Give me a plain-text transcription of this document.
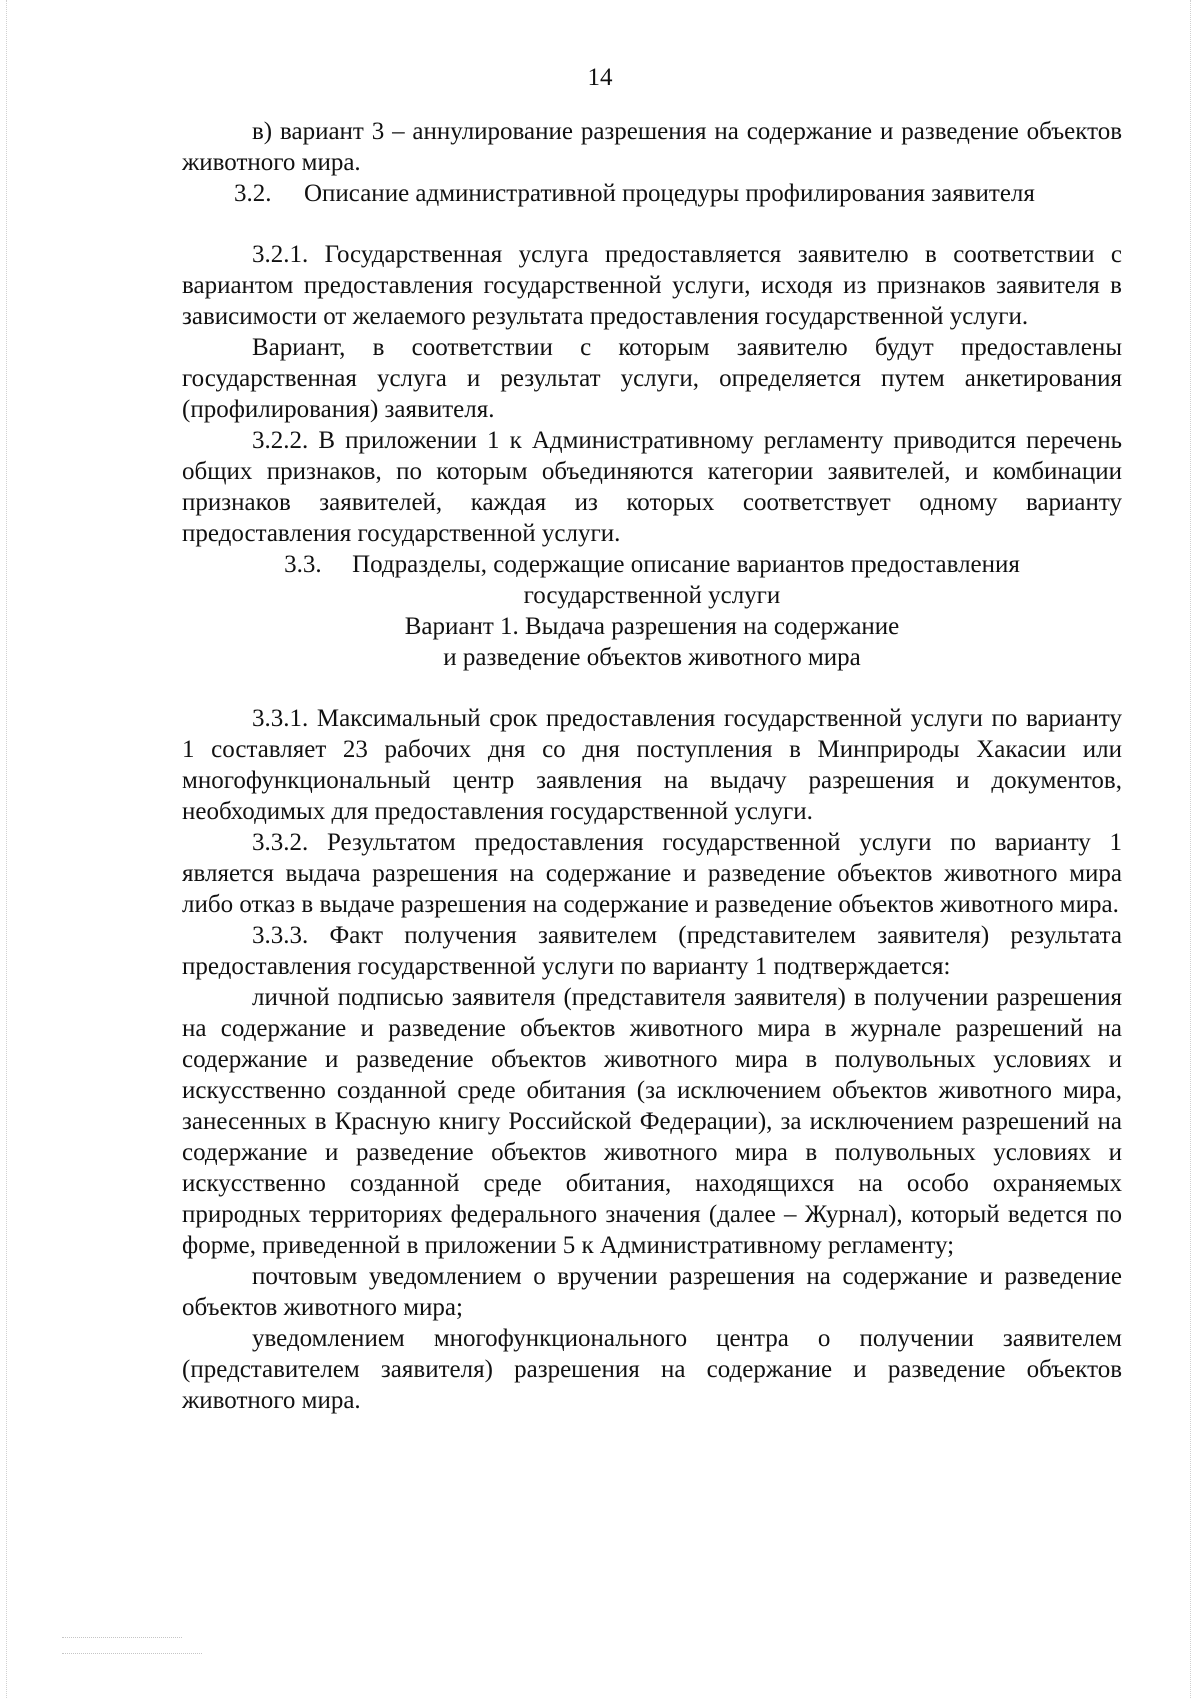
14

в) вариант 3 – аннулирование разрешения на содержание и разведение объектов животного мира.

3.2. Описание административной процедуры профилирования заявителя

3.2.1. Государственная услуга предоставляется заявителю в соответствии с вариантом предоставления государственной услуги, исходя из признаков заявителя в зависимости от желаемого результата предоставления государственной услуги.

Вариант, в соответствии с которым заявителю будут предоставлены государственная услуга и результат услуги, определяется путем анкетирования (профилирования) заявителя.

3.2.2. В приложении 1 к Административному регламенту приводится перечень общих признаков, по которым объединяются категории заявителей, и комбинации признаков заявителей, каждая из которых соответствует одному варианту предоставления государственной услуги.

3.3. Подразделы, содержащие описание вариантов предоставления
государственной услуги
Вариант 1. Выдача разрешения на содержание
и разведение объектов животного мира

3.3.1. Максимальный срок предоставления государственной услуги по варианту 1 составляет 23 рабочих дня со дня поступления в Минприроды Хакасии или многофункциональный центр заявления на выдачу разрешения и документов, необходимых для предоставления государственной услуги.

3.3.2. Результатом предоставления государственной услуги по варианту 1 является выдача разрешения на содержание и разведение объектов животного мира либо отказ в выдаче разрешения на содержание и разведение объектов животного мира.

3.3.3. Факт получения заявителем (представителем заявителя) результата предоставления государственной услуги по варианту 1 подтверждается:

личной подписью заявителя (представителя заявителя) в получении разрешения на содержание и разведение объектов животного мира в журнале разрешений на содержание и разведение объектов животного мира в полувольных условиях и искусственно созданной среде обитания (за исключением объектов животного мира, занесенных в Красную книгу Российской Федерации), за исключением разрешений на содержание и разведение объектов животного мира в полувольных условиях и искусственно созданной среде обитания, находящихся на особо охраняемых природных территориях федерального значения (далее – Журнал), который ведется по форме, приведенной в приложении 5 к Административному регламенту;

почтовым уведомлением о вручении разрешения на содержание и разведение объектов животного мира;

уведомлением многофункционального центра о получении заявителем (представителем заявителя) разрешения на содержание и разведение объектов животного мира.
